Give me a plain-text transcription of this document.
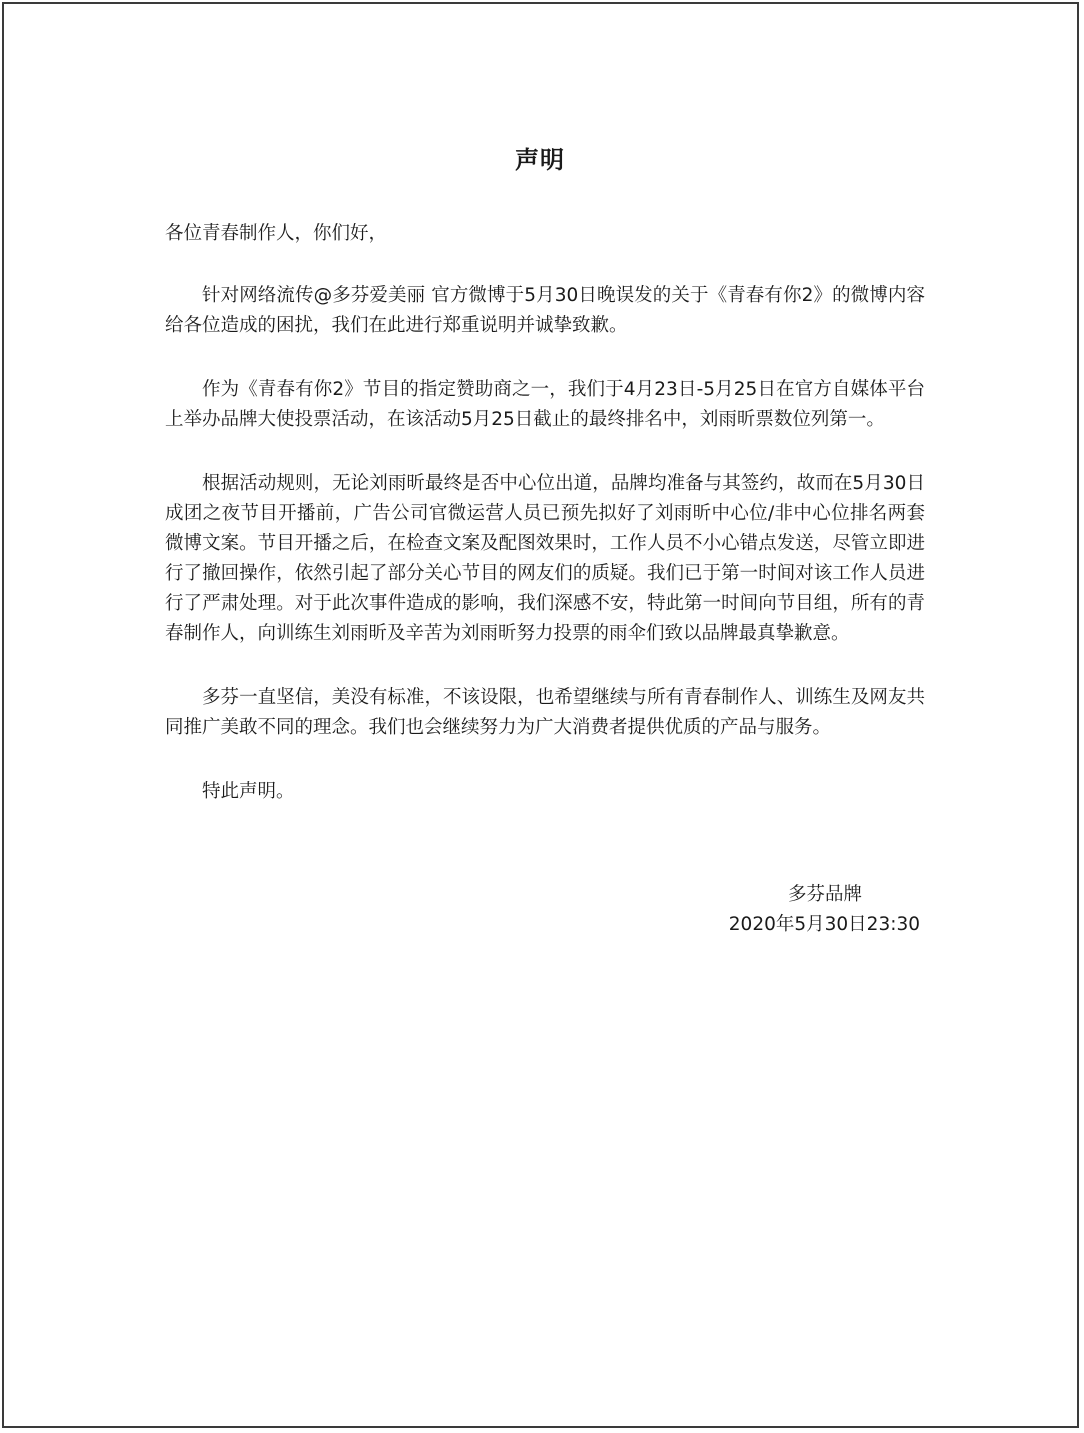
声明

各位青春制作人，你们好，

针对网络流传@多芬爱美丽 官方微博于5月30日晚误发的关于《青春有你2》的微博内容给各位造成的困扰，我们在此进行郑重说明并诚挚致歉。

作为《青春有你2》节目的指定赞助商之一，我们于4月23日-5月25日在官方自媒体平台上举办品牌大使投票活动，在该活动5月25日截止的最终排名中，刘雨昕票数位列第一。

根据活动规则，无论刘雨昕最终是否中心位出道，品牌均准备与其签约，故而在5月30日成团之夜节目开播前，广告公司官微运营人员已预先拟好了刘雨昕中心位/非中心位排名两套微博文案。节目开播之后，在检查文案及配图效果时，工作人员不小心错点发送，尽管立即进行了撤回操作，依然引起了部分关心节目的网友们的质疑。我们已于第一时间对该工作人员进行了严肃处理。对于此次事件造成的影响，我们深感不安，特此第一时间向节目组，所有的青春制作人，向训练生刘雨昕及辛苦为刘雨昕努力投票的雨伞们致以品牌最真挚歉意。

多芬一直坚信，美没有标准，不该设限，也希望继续与所有青春制作人、训练生及网友共同推广美敢不同的理念。我们也会继续努力为广大消费者提供优质的产品与服务。

特此声明。

多芬品牌
2020年5月30日23:30
